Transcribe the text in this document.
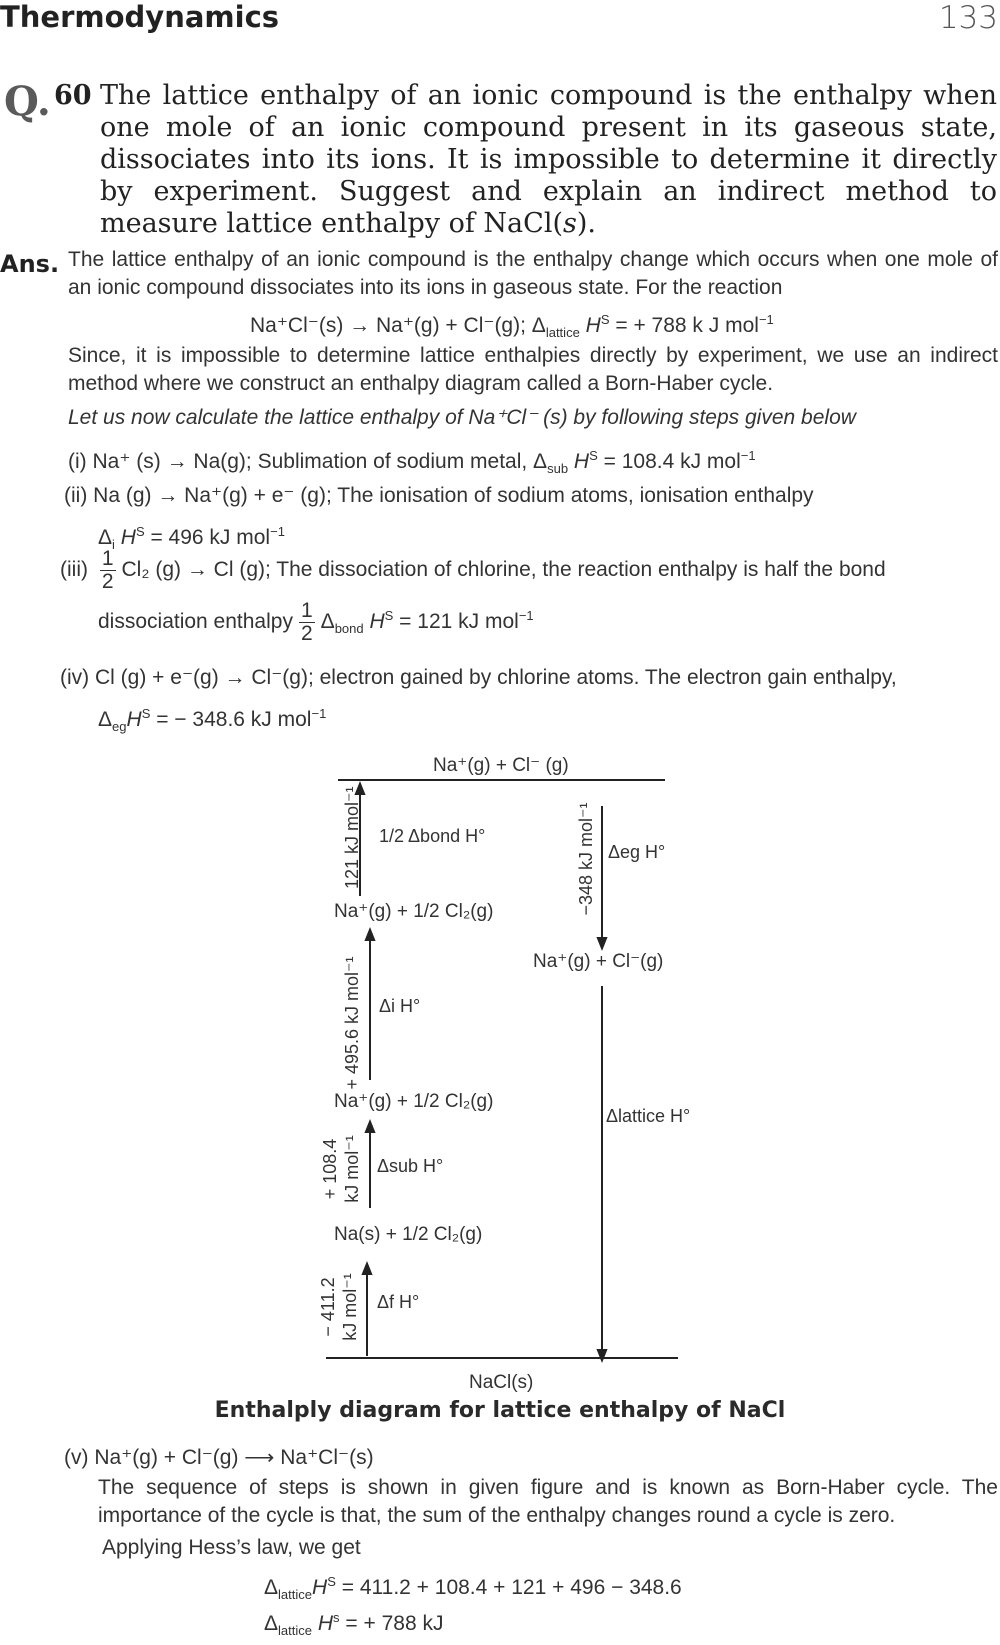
Thermodynamics	133
Q. 60 The lattice enthalpy of an ionic compound is the enthalpy when one mole of an ionic compound present in its gaseous state, dissociates into its ions. It is impossible to determine it directly by experiment. Suggest and explain an indirect method to measure lattice enthalpy of NaCl(s).
Ans. The lattice enthalpy of an ionic compound is the enthalpy change which occurs when one mole of an ionic compound dissociates into its ions in gaseous state. For the reaction
Na⁺Cl⁻(s) → Na⁺(g) + Cl⁻(g); $\Delta_{lattice}$ $H^S$ = + 788 k J mol$^{-1}$
Since, it is impossible to determine lattice enthalpies directly by experiment, we use an indirect method where we construct an enthalpy diagram called a Born-Haber cycle.
Let us now calculate the lattice enthalpy of Na⁺Cl⁻ (s) by following steps given below
(i) Na⁺ (s) → Na(g); Sublimation of sodium metal, $\Delta_{sub}$ $H^S = 108.4$ kJ mol$^{-1}$
(ii) Na (g) → Na⁺(g) + e⁻ (g); The ionisation of sodium atoms, ionisation enthalpy
$\Delta_i$ $H^S = 496$ kJ mol$^{-1}$
$(iii) \frac{1}{2} Cl_2$ (g) → Cl (g); The dissociation of chlorine, the reaction enthalpy is half the bond
dissociation enthalpy $\frac{1}{2} \Delta_{bond}$ $H^S = 121$ kJ mol$^{-1}$
(iv) Cl (g) + e⁻(g) → Cl⁻(g); electron gained by chlorine atoms. The electron gain enthalpy,
$\Delta_{eg}H^S$ = − 348.6 kJ mol$^{-1}$
Na⁺(g) + Cl⁻ (g)
Na⁺(g) + 1/2 Cl₂(g)
Na⁺(g) + Cl⁻(g)
Na⁺(g) + 1/2 Cl₂(g)
Na(s) + 1/2 Cl₂(g)
NaCl(s)
1/2 Δbond H°
Δeg H°
Δi H°
Δsub H°
Δf H°
Δlattice H°
121 kJ mol⁻¹	−348 kJ mol⁻¹
+ 495.6 kJ mol⁻¹
+ 108.4 kJ mol⁻¹
− 411.2 kJ mol⁻¹
Enthalply diagram for lattice enthalpy of NaCl
(v) Na⁺(g) + Cl⁻(g) ⟶ Na⁺Cl⁻(s)
The sequence of steps is shown in given figure and is known as Born-Haber cycle. The importance of the cycle is that, the sum of the enthalpy changes round a cycle is zero.
Applying Hess’s law, we get
$\Delta_{lattice}H^S = 411.2 + 108.4 + 121 + 496 - 348.6$
$\Delta_{lattice}$ $H^s$ = + 788 kJ
